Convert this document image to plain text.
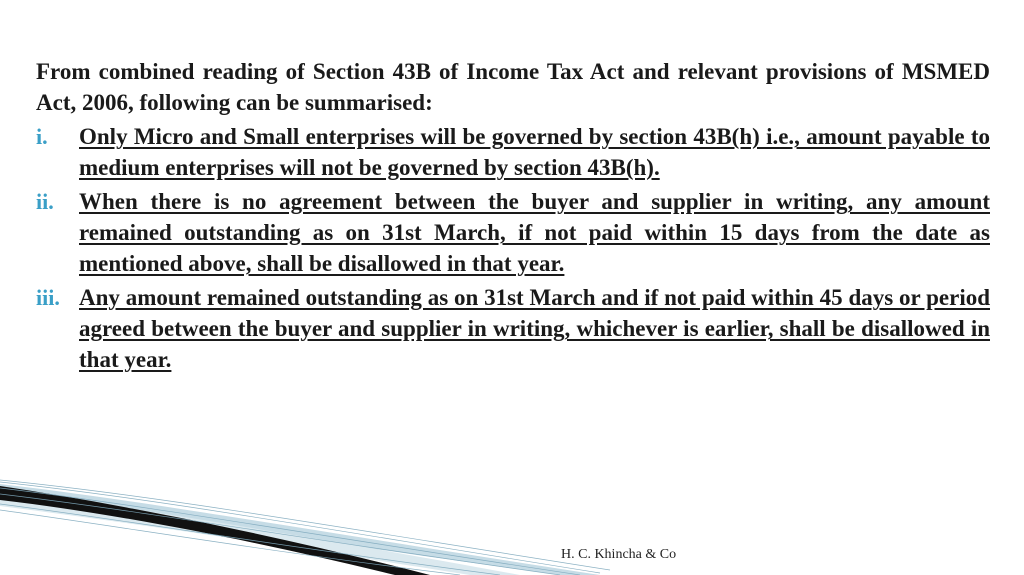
From combined reading of Section 43B of Income Tax Act and relevant provisions of MSMED Act, 2006, following can be summarised:

i.	Only Micro and Small enterprises will be governed by section 43B(h) i.e., amount payable to medium enterprises will not be governed by section 43B(h).
ii.	When there is no agreement between the buyer and supplier in writing, any amount remained outstanding as on 31st March, if not paid within 15 days from the date as mentioned above, shall be disallowed in that year.
iii. Any amount remained outstanding as on 31st March and if not paid within 45 days or period agreed between the buyer and supplier in writing, whichever is earlier, shall be disallowed in that year.
H. C. Khincha & Co
